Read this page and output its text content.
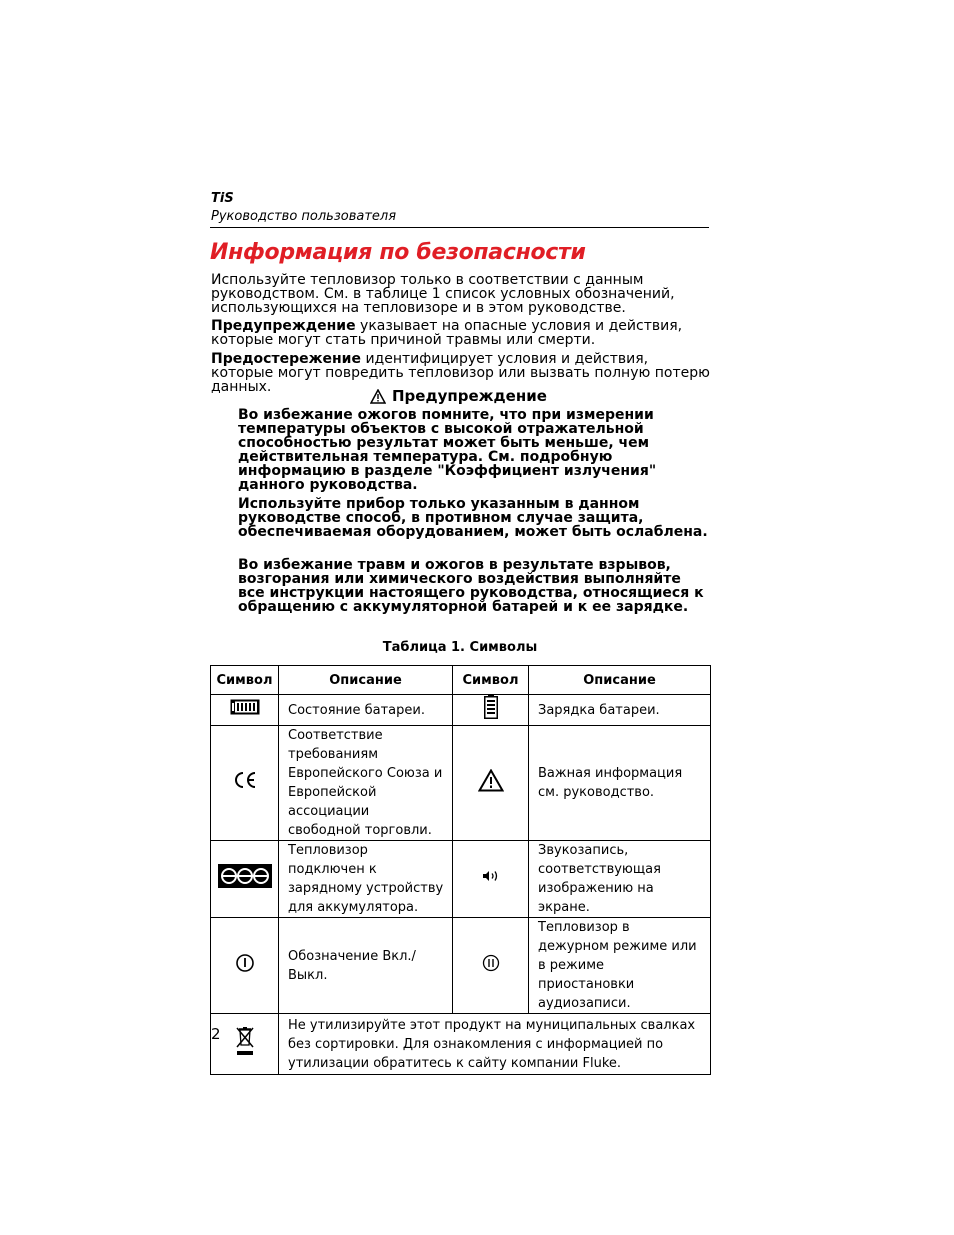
TiS
Руководство пользователя
Информация по безопасности
Используйте тепловизор только в соответствии с данным руководством. См. в таблице 1 список условных обозначений, использующихся на тепловизоре и в этом руководстве.
Предупреждение указывает на опасные условия и действия, которые могут стать причиной травмы или смерти.
Предостережение идентифицирует условия и действия, которые могут повредить тепловизор или вызвать полную потерю данных.	Предупреждение
Во избежание ожогов помните, что при измерении температуры объектов с высокой отражательной способностью результат может быть меньше, чем действительная температура. См. подробную информацию в разделе "Коэффициент излучения" данного руководства.
Используйте прибор только указанным в данном руководстве способ, в противном случае защита, обеспечиваемая оборудованием, может быть ослаблена.
Во избежание травм и ожогов в результате взрывов, возгорания или химического воздействия выполняйте все инструкции настоящего руководства, относящиеся к обращению с аккумуляторной батарей и к ее зарядке.
Таблица 1. Символы
Символ	Описание	Символ	Описание
	Состояние батареи.		Зарядка батареи.
	Соответствие требованиям Европейского Союза и Европейской ассоциации свободной торговли.		Важная информация см. руководство.
	Тепловизор подключен к зарядному устройству для аккумулятора.		Звукозапись, соответствующая изображению на экране.
	Обозначение Вкл./Выкл.		Тепловизор в дежурном режиме или в режиме приостановки аудиозаписи.
	Не утилизируйте этот продукт на муниципальных свалках без сортировки. Для ознакомления с информацией по утилизации обратитесь к сайту компании Fluke.		
2
